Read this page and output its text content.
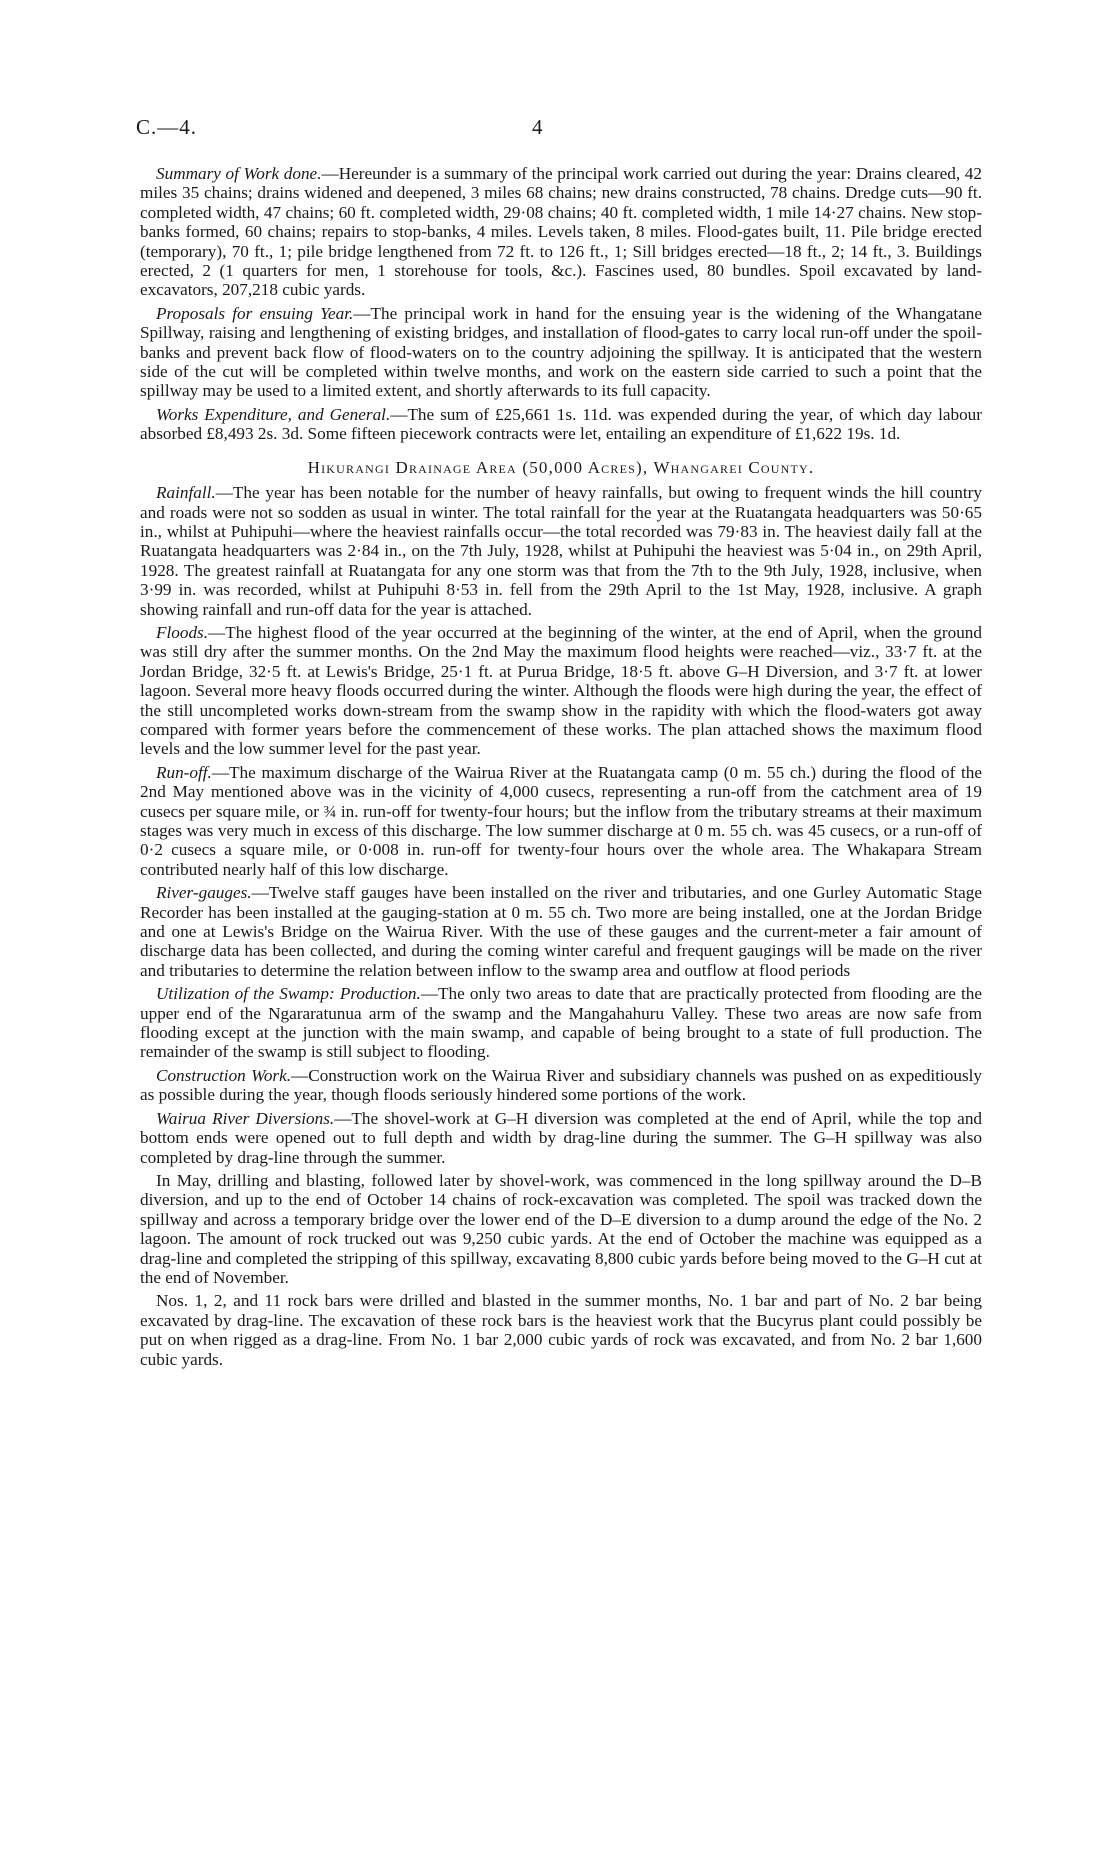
C.—4.	4

Summary of Work done.—Hereunder is a summary of the principal work carried out during the year: Drains cleared, 42 miles 35 chains; drains widened and deepened, 3 miles 68 chains; new drains constructed, 78 chains. Dredge cuts—90 ft. completed width, 47 chains; 60 ft. completed width, 29·08 chains; 40 ft. completed width, 1 mile 14·27 chains. New stop-banks formed, 60 chains; repairs to stop-banks, 4 miles. Levels taken, 8 miles. Flood-gates built, 11. Pile bridge erected (temporary), 70 ft., 1; pile bridge lengthened from 72 ft. to 126 ft., 1; Sill bridges erected—18 ft., 2; 14 ft., 3. Buildings erected, 2 (1 quarters for men, 1 storehouse for tools, &c.). Fascines used, 80 bundles. Spoil excavated by land-excavators, 207,218 cubic yards.

Proposals for ensuing Year.—The principal work in hand for the ensuing year is the widening of the Whangatane Spillway, raising and lengthening of existing bridges, and installation of flood-gates to carry local run-off under the spoil-banks and prevent back flow of flood-waters on to the country adjoining the spillway. It is anticipated that the western side of the cut will be completed within twelve months, and work on the eastern side carried to such a point that the spillway may be used to a limited extent, and shortly afterwards to its full capacity.

Works Expenditure, and General.—The sum of £25,661 1s. 11d. was expended during the year, of which day labour absorbed £8,493 2s. 3d. Some fifteen piecework contracts were let, entailing an expenditure of £1,622 19s. 1d.

Hikurangi Drainage Area (50,000 Acres), Whangarei County.

Rainfall.—The year has been notable for the number of heavy rainfalls, but owing to frequent winds the hill country and roads were not so sodden as usual in winter. The total rainfall for the year at the Ruatangata headquarters was 50·65 in., whilst at Puhipuhi—where the heaviest rainfalls occur—the total recorded was 79·83 in. The heaviest daily fall at the Ruatangata headquarters was 2·84 in., on the 7th July, 1928, whilst at Puhipuhi the heaviest was 5·04 in., on 29th April, 1928. The greatest rainfall at Ruatangata for any one storm was that from the 7th to the 9th July, 1928, inclusive, when 3·99 in. was recorded, whilst at Puhipuhi 8·53 in. fell from the 29th April to the 1st May, 1928, inclusive. A graph showing rainfall and run-off data for the year is attached.

Floods.—The highest flood of the year occurred at the beginning of the winter, at the end of April, when the ground was still dry after the summer months. On the 2nd May the maximum flood heights were reached—viz., 33·7 ft. at the Jordan Bridge, 32·5 ft. at Lewis's Bridge, 25·1 ft. at Purua Bridge, 18·5 ft. above G–H Diversion, and 3·7 ft. at lower lagoon. Several more heavy floods occurred during the winter. Although the floods were high during the year, the effect of the still uncompleted works down-stream from the swamp show in the rapidity with which the flood-waters got away compared with former years before the commencement of these works. The plan attached shows the maximum flood levels and the low summer level for the past year.

Run-off.—The maximum discharge of the Wairua River at the Ruatangata camp (0 m. 55 ch.) during the flood of the 2nd May mentioned above was in the vicinity of 4,000 cusecs, representing a run-off from the catchment area of 19 cusecs per square mile, or ¾ in. run-off for twenty-four hours; but the inflow from the tributary streams at their maximum stages was very much in excess of this discharge. The low summer discharge at 0 m. 55 ch. was 45 cusecs, or a run-off of 0·2 cusecs a square mile, or 0·008 in. run-off for twenty-four hours over the whole area. The Whakapara Stream contributed nearly half of this low discharge.

River-gauges.—Twelve staff gauges have been installed on the river and tributaries, and one Gurley Automatic Stage Recorder has been installed at the gauging-station at 0 m. 55 ch. Two more are being installed, one at the Jordan Bridge and one at Lewis's Bridge on the Wairua River. With the use of these gauges and the current-meter a fair amount of discharge data has been collected, and during the coming winter careful and frequent gaugings will be made on the river and tributaries to determine the relation between inflow to the swamp area and outflow at flood periods

Utilization of the Swamp: Production.—The only two areas to date that are practically protected from flooding are the upper end of the Ngararatunua arm of the swamp and the Mangahahuru Valley. These two areas are now safe from flooding except at the junction with the main swamp, and capable of being brought to a state of full production. The remainder of the swamp is still subject to flooding.

Construction Work.—Construction work on the Wairua River and subsidiary channels was pushed on as expeditiously as possible during the year, though floods seriously hindered some portions of the work.

Wairua River Diversions.—The shovel-work at G–H diversion was completed at the end of April, while the top and bottom ends were opened out to full depth and width by drag-line during the summer. The G–H spillway was also completed by drag-line through the summer.

In May, drilling and blasting, followed later by shovel-work, was commenced in the long spillway around the D–B diversion, and up to the end of October 14 chains of rock-excavation was completed. The spoil was tracked down the spillway and across a temporary bridge over the lower end of the D–E diversion to a dump around the edge of the No. 2 lagoon. The amount of rock trucked out was 9,250 cubic yards. At the end of October the machine was equipped as a drag-line and completed the stripping of this spillway, excavating 8,800 cubic yards before being moved to the G–H cut at the end of November.

Nos. 1, 2, and 11 rock bars were drilled and blasted in the summer months, No. 1 bar and part of No. 2 bar being excavated by drag-line. The excavation of these rock bars is the heaviest work that the Bucyrus plant could possibly be put on when rigged as a drag-line. From No. 1 bar 2,000 cubic yards of rock was excavated, and from No. 2 bar 1,600 cubic yards.
